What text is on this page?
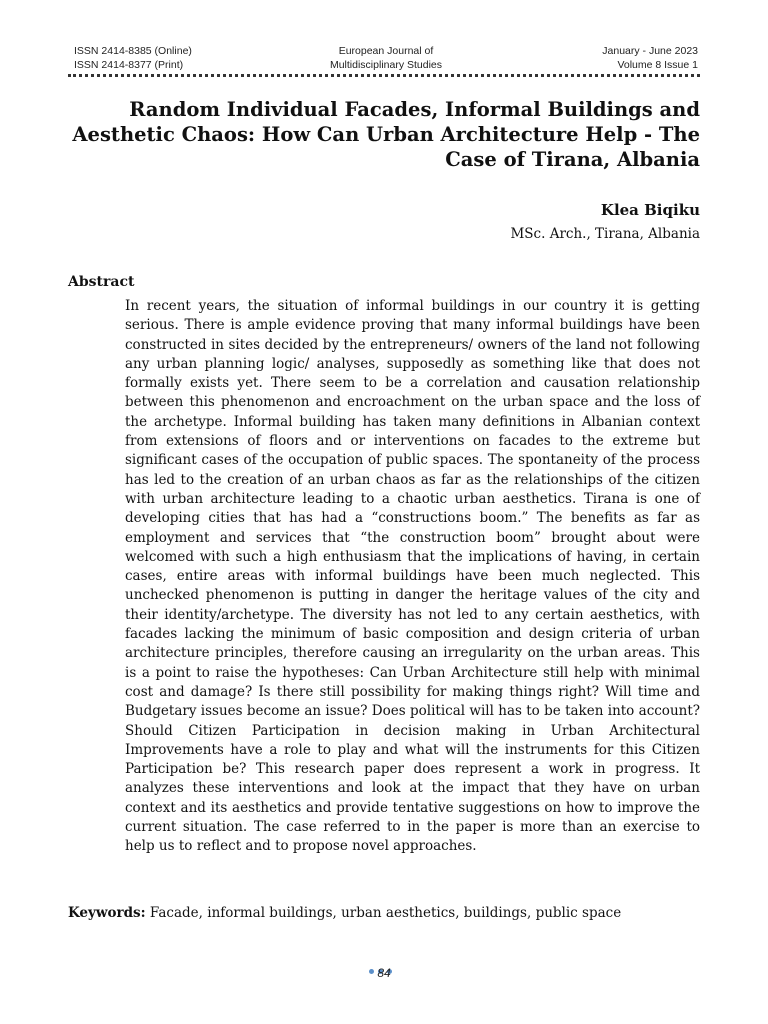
ISSN 2414-8385 (Online)
ISSN 2414-8377 (Print)
European Journal of
Multidisciplinary Studies
January - June 2023
Volume 8 Issue 1
Random Individual Facades, Informal Buildings and Aesthetic Chaos: How Can Urban Architecture Help - The Case of Tirana, Albania
Klea Biqiku
MSc. Arch., Tirana, Albania
Abstract
In recent years, the situation of informal buildings in our country it is getting serious. There is ample evidence proving that many informal buildings have been constructed in sites decided by the entrepreneurs/ owners of the land not following any urban planning logic/ analyses, supposedly as something like that does not formally exists yet. There seem to be a correlation and causation relationship between this phenomenon and encroachment on the urban space and the loss of the archetype. Informal building has taken many definitions in Albanian context from extensions of floors and or interventions on facades to the extreme but significant cases of the occupation of public spaces. The spontaneity of the process has led to the creation of an urban chaos as far as the relationships of the citizen with urban architecture leading to a chaotic urban aesthetics. Tirana is one of developing cities that has had a “constructions boom.” The benefits as far as employment and services that “the construction boom” brought about were welcomed with such a high enthusiasm that the implications of having, in certain cases, entire areas with informal buildings have been much neglected. This unchecked phenomenon is putting in danger the heritage values of the city and their identity/archetype. The diversity has not led to any certain aesthetics, with facades lacking the minimum of basic composition and design criteria of urban architecture principles, therefore causing an irregularity on the urban areas. This is a point to raise the hypotheses: Can Urban Architecture still help with minimal cost and damage? Is there still possibility for making things right? Will time and Budgetary issues become an issue? Does political will has to be taken into account? Should Citizen Participation in decision making in Urban Architectural Improvements have a role to play and what will the instruments for this Citizen Participation be? This research paper does represent a work in progress. It analyzes these interventions and look at the impact that they have on urban context and its aesthetics and provide tentative suggestions on how to improve the current situation. The case referred to in the paper is more than an exercise to help us to reflect and to propose novel approaches.
Keywords: Facade, informal buildings, urban aesthetics, buildings, public space
84
